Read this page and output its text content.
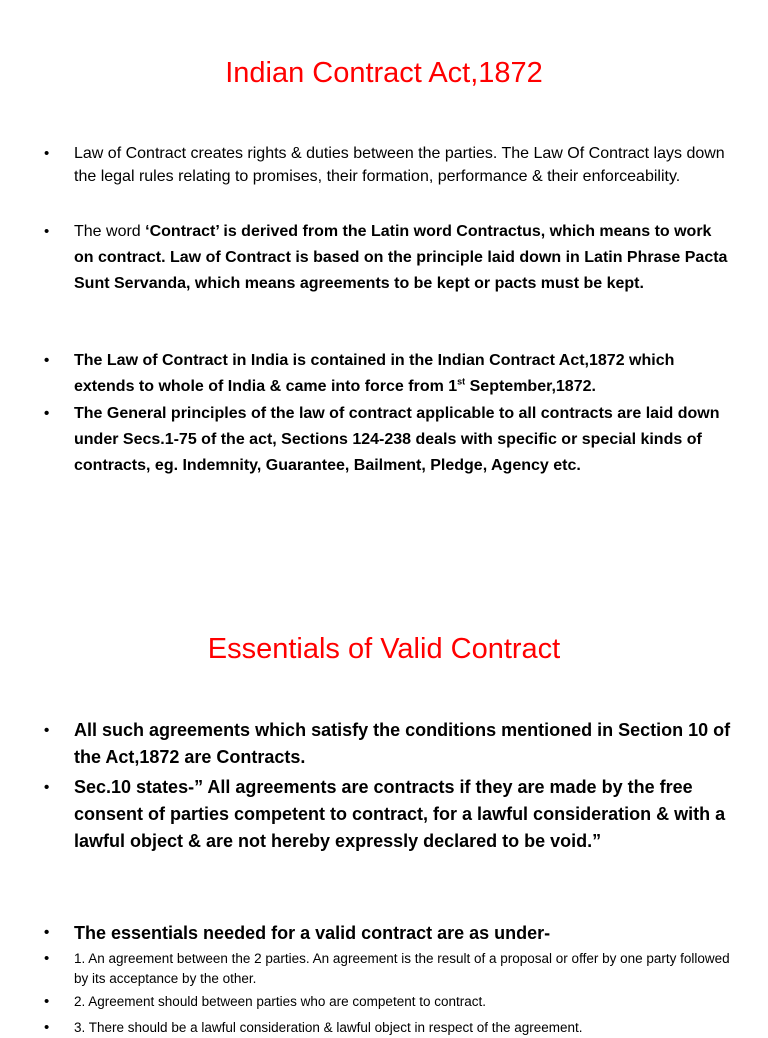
Indian Contract Act,1872
•	Law of Contract creates rights & duties between the parties. The Law Of Contract lays down the legal rules relating to promises, their formation, performance & their enforceability.
•	The word ‘Contract’ is derived from the Latin word Contractus, which means to work on contract. Law of Contract is based on the principle laid down in Latin Phrase Pacta Sunt Servanda, which means agreements to be kept or pacts must be kept.
•	The Law of Contract in India is contained in the Indian Contract Act,1872 which extends to whole of India & came into force from 1st September,1872.
•	The General principles of the law of contract applicable to all contracts are laid down under Secs.1-75 of the act, Sections 124-238 deals with specific or special kinds of contracts, eg. Indemnity, Guarantee, Bailment, Pledge, Agency etc.
Essentials of Valid Contract
•	All such agreements which satisfy the conditions mentioned in Section 10 of the Act,1872 are Contracts.
•	Sec.10 states-” All agreements are contracts if they are made by the free consent of parties competent to contract, for a lawful consideration & with a lawful object & are not hereby expressly declared to be void.”
•	The essentials needed for a valid contract are as under-
•	1. An agreement between the 2 parties. An agreement is the result of a proposal or offer by one party followed by its acceptance by the other.
•	2. Agreement should between parties who are competent to contract.
•	3. There should be a lawful consideration & lawful object in respect of the agreement.
